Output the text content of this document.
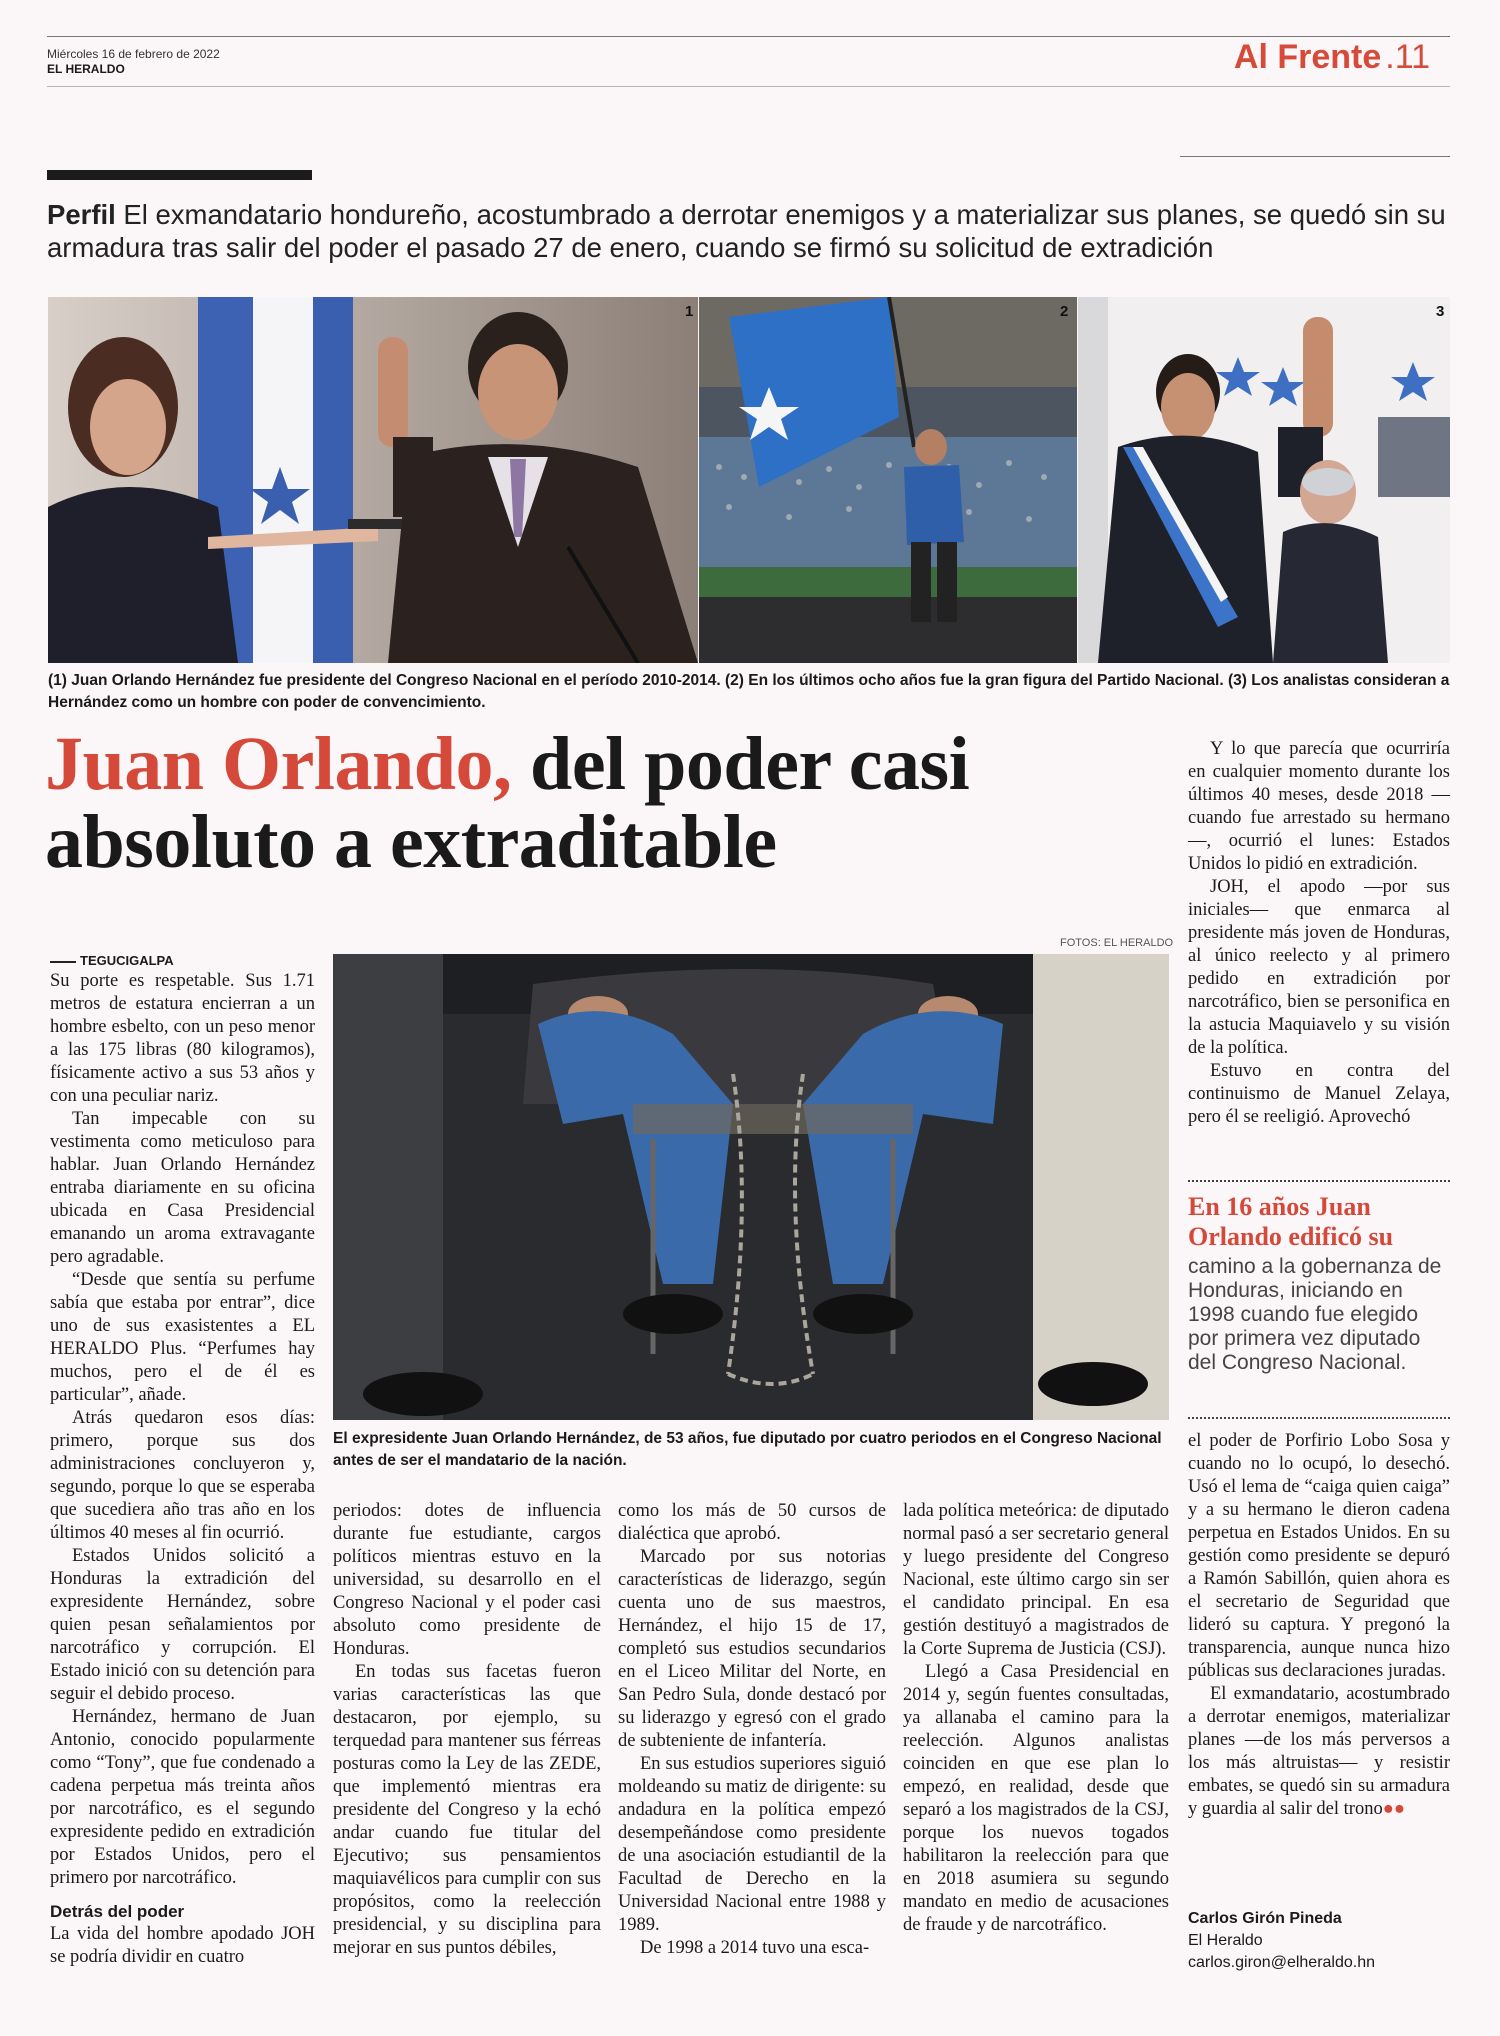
Miércoles 16 de febrero de 2022
EL HERALDO	Al Frente .11
Perfil El exmandatario hondureño, acostumbrado a derrotar enemigos y a materializar sus planes, se quedó sin su armadura tras salir del poder el pasado 27 de enero, cuando se firmó su solicitud de extradición
1	2	3
(1) Juan Orlando Hernández fue presidente del Congreso Nacional en el período 2010-2014. (2) En los últimos ocho años fue la gran figura del Partido Nacional. (3) Los analistas consideran a Hernández como un hombre con poder de convencimiento.
Juan Orlando, del poder casi absoluto a extraditable
FOTOS: EL HERALDO
El expresidente Juan Orlando Hernández, de 53 años, fue diputado por cuatro periodos en el Congreso Nacional antes de ser el mandatario de la nación.
TEGUCIGALPA

Su porte es respetable. Sus 1.71 metros de estatura encierran a un hombre esbelto, con un peso menor a las 175 libras (80 kilogramos), físicamente activo a sus 53 años y con una peculiar nariz.

Tan impecable con su vestimenta como meticuloso para hablar. Juan Orlando Hernández entraba diariamente en su oficina ubicada en Casa Presidencial emanando un aroma extravagante pero agradable.

“Desde que sentía su perfume sabía que estaba por entrar”, dice uno de sus exasistentes a EL HERALDO Plus. “Perfumes hay muchos, pero el de él es particular”, añade.

Atrás quedaron esos días: primero, porque sus dos administraciones concluyeron y, segundo, porque lo que se esperaba que sucediera año tras año en los últimos 40 meses al fin ocurrió.

Estados Unidos solicitó a Honduras la extradición del expresidente Hernández, sobre quien pesan señalamientos por narcotráfico y corrupción. El Estado inició con su detención para seguir el debido proceso.

Hernández, hermano de Juan Antonio, conocido popularmente como “Tony”, que fue condenado a cadena perpetua más treinta años por narcotráfico, es el segundo expresidente pedido en extradición por Estados Unidos, pero el primero por narcotráfico.

Detrás del poder

La vida del hombre apodado JOH se podría dividir en cuatro

periodos: dotes de influencia durante fue estudiante, cargos políticos mientras estuvo en la universidad, su desarrollo en el Congreso Nacional y el poder casi absoluto como presidente de Honduras.

En todas sus facetas fueron varias características las que destacaron, por ejemplo, su terquedad para mantener sus férreas posturas como la Ley de las ZEDE, que implementó mientras era presidente del Congreso y la echó andar cuando fue titular del Ejecutivo; sus pensamientos maquiavélicos para cumplir con sus propósitos, como la reelección presidencial, y su disciplina para mejorar en sus puntos débiles,

como los más de 50 cursos de dialéctica que aprobó.

Marcado por sus notorias características de liderazgo, según cuenta uno de sus maestros, Hernández, el hijo 15 de 17, completó sus estudios secundarios en el Liceo Militar del Norte, en San Pedro Sula, donde destacó por su liderazgo y egresó con el grado de subteniente de infantería.

En sus estudios superiores siguió moldeando su matiz de dirigente: su andadura en la política empezó desempeñándose como presidente de una asociación estudiantil de la Facultad de Derecho en la Universidad Nacional entre 1988 y 1989.

De 1998 a 2014 tuvo una esca-

lada política meteórica: de diputado normal pasó a ser secretario general y luego presidente del Congreso Nacional, este último cargo sin ser el candidato principal. En esa gestión destituyó a magistrados de la Corte Suprema de Justicia (CSJ).

Llegó a Casa Presidencial en 2014 y, según fuentes consultadas, ya allanaba el camino para la reelección. Algunos analistas coinciden en que ese plan lo empezó, en realidad, desde que separó a los magistrados de la CSJ, porque los nuevos togados habilitaron la reelección para que en 2018 asumiera su segundo mandato en medio de acusaciones de fraude y de narcotráfico.

Y lo que parecía que ocurriría en cualquier momento durante los últimos 40 meses, desde 2018 —cuando fue arrestado su hermano—, ocurrió el lunes: Estados Unidos lo pidió en extradición.

JOH, el apodo —por sus iniciales— que enmarca al presidente más joven de Honduras, al único reelecto y al primero pedido en extradición por narcotráfico, bien se personifica en la astucia Maquiavelo y su visión de la política.

Estuvo en contra del continuismo de Manuel Zelaya, pero él se reeligió. Aprovechó

En 16 años Juan Orlando edificó su
camino a la gobernanza de Honduras, iniciando en 1998 cuando fue elegido por primera vez diputado del Congreso Nacional.

el poder de Porfirio Lobo Sosa y cuando no lo ocupó, lo desechó. Usó el lema de “caiga quien caiga” y a su hermano le dieron cadena perpetua en Estados Unidos. En su gestión como presidente se depuró a Ramón Sabillón, quien ahora es el secretario de Seguridad que lideró su captura. Y pregonó la transparencia, aunque nunca hizo públicas sus declaraciones juradas.

El exmandatario, acostumbrado a derrotar enemigos, materializar planes —de los más perversos a los más altruistas— y resistir embates, se quedó sin su armadura y guardia al salir del trono●●

Carlos Girón Pineda
El Heraldo
carlos.giron@elheraldo.hn
